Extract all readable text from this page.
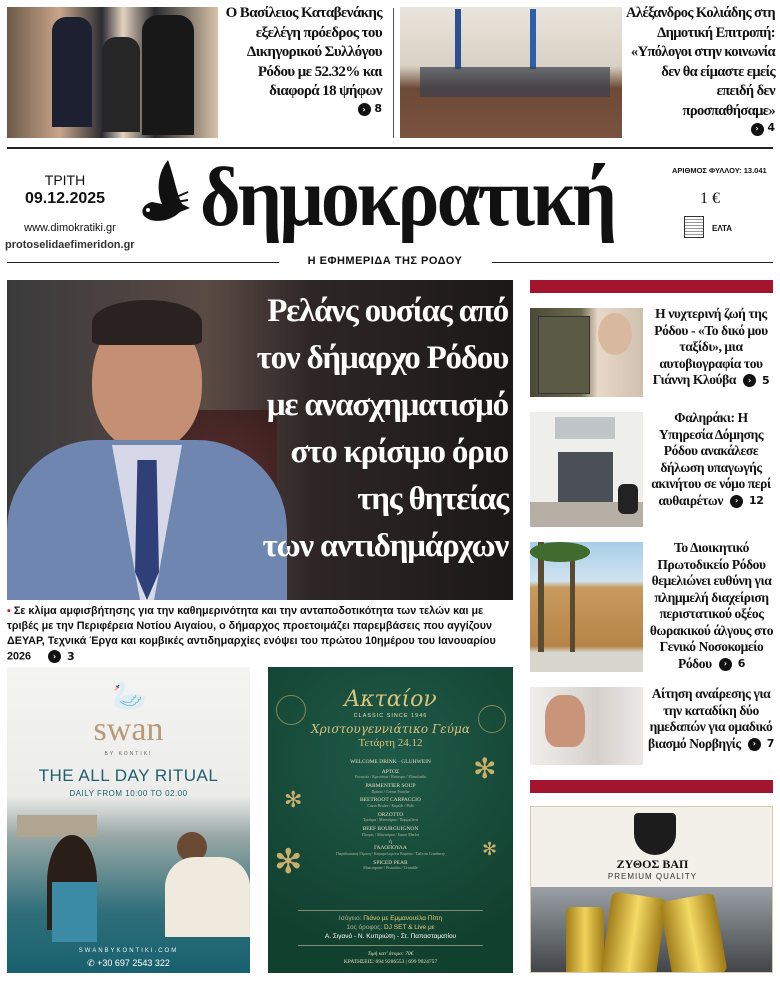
Ο Βασίλειος Καταβενάκης εξελέγη πρόεδρος του Δικηγορικού Συλλόγου Ρόδου με 52.32% και διαφορά 18 ψήφων
› 8
Αλέξανδρος Κολιάδης στη Δημοτική Επιτροπή: «Υπόλογοι στην κοινωνία δεν θα είμαστε εμείς επειδή δεν προσπαθήσαμε»
› 4
ΤΡΙΤΗ
09.12.2025
www.dimokratiki.gr
protoselidaefimeridon.gr
δημοκρατική	ΑΡΙΘΜΟΣ ΦΥΛΛΟΥ: 13.041
1 €
ΕΛΤΑ
Η ΕΦΗΜΕΡΙΔΑ ΤΗΣ ΡΟΔΟΥ
Ρελάνς ουσίας από
τον δήμαρχο Ρόδου
με ανασχηματισμό
στο κρίσιμο όριο
της θητείας
των αντιδημάρχων
▪ Σε κλίμα αμφισβήτησης για την καθημερινότητα και την ανταποδοτικότητα των τελών και με τριβές με την Περιφέρεια Νοτίου Αιγαίου, ο δήμαρχος προετοιμάζει παρεμβάσεις που αγγίζουν ΔΕΥΑΡ, Τεχνικά Έργα και κομβικές αντιδημαρχίες ενόψει του πρώτου 10ημέρου του Ιανουαρίου 2026	› 3
Η νυχτερινή ζωή της Ρόδου - «Το δικό μου ταξίδι», μια αυτοβιογραφία του Γιάννη Κλούβα	›	5
Φαληράκι: Η Υπηρεσία Δόμησης Ρόδου ανακάλεσε δήλωση υπαγωγής ακινήτου σε νόμο περί αυθαιρέτων	›	12
Το Διοικητικό Πρωτοδικείο Ρόδου θεμελιώνει ευθύνη για πλημμελή διαχείριση περιστατικού οξέος θωρακικού άλγους στο Γενικό Νοσοκομείο Ρόδου	›	6
Αίτηση αναίρεσης για την καταδίκη δύο ημεδαπών για ομαδικό βιασμό Νορβηγίς	›	7
ΖΥΘΟΣ ΒΑΠ
PREMIUM QUALITY
🦢
swan
BY KONTIKI
THE ALL DAY RITUAL
DAILY FROM 10:00 TO 02:00
SWANBYKONTIKI.COM
✆ +30 697 2543 322
✻
✻
✻	✻
Ακταίον
CLASSIC SINCE 1946
Χριστουγεννιάτικο Γεύμα
Τετάρτη 24.12
WELCOME DRINK · GLUHWEIN
ΑΡΤΟΣ
Focaccia / Κριτσίνια / Βούτυρο / Ελαιόλαδο
PARMENTIER SOUP
Πράσο / Creme Fraiche
BEETROOT CARPACCIO
Cazio Brulee / Καρύδι / Ρόδι
ORZOTTO
Τρούφα / Μανιτάρια / Παρμεζάνα
BEEF BOURGUIGNON
Πουρές / Μανιτάρια / Sauce Merlot
ή
ΓΑΛΟΠΟΥΛΑ
Παραδοσιακή Γέμιση / Καραμελωμένα Καρότα / Σάλτσα Cranberry
SPICED PEAR
Mascarpone / Pistachio / Crumble
Ισόγειο: Πιάνο με Εμμανουέλα Πίπη
1ος όροφος: DJ SET & Live με
Α. Σιγανό - Ν. Κυπριώτη - Στ. Παπασταματίου
Τιμή κατ' άτομο: 70€
ΚΡΑΤΗΣΕΙΣ: 694 9286553 | 699 9924757
